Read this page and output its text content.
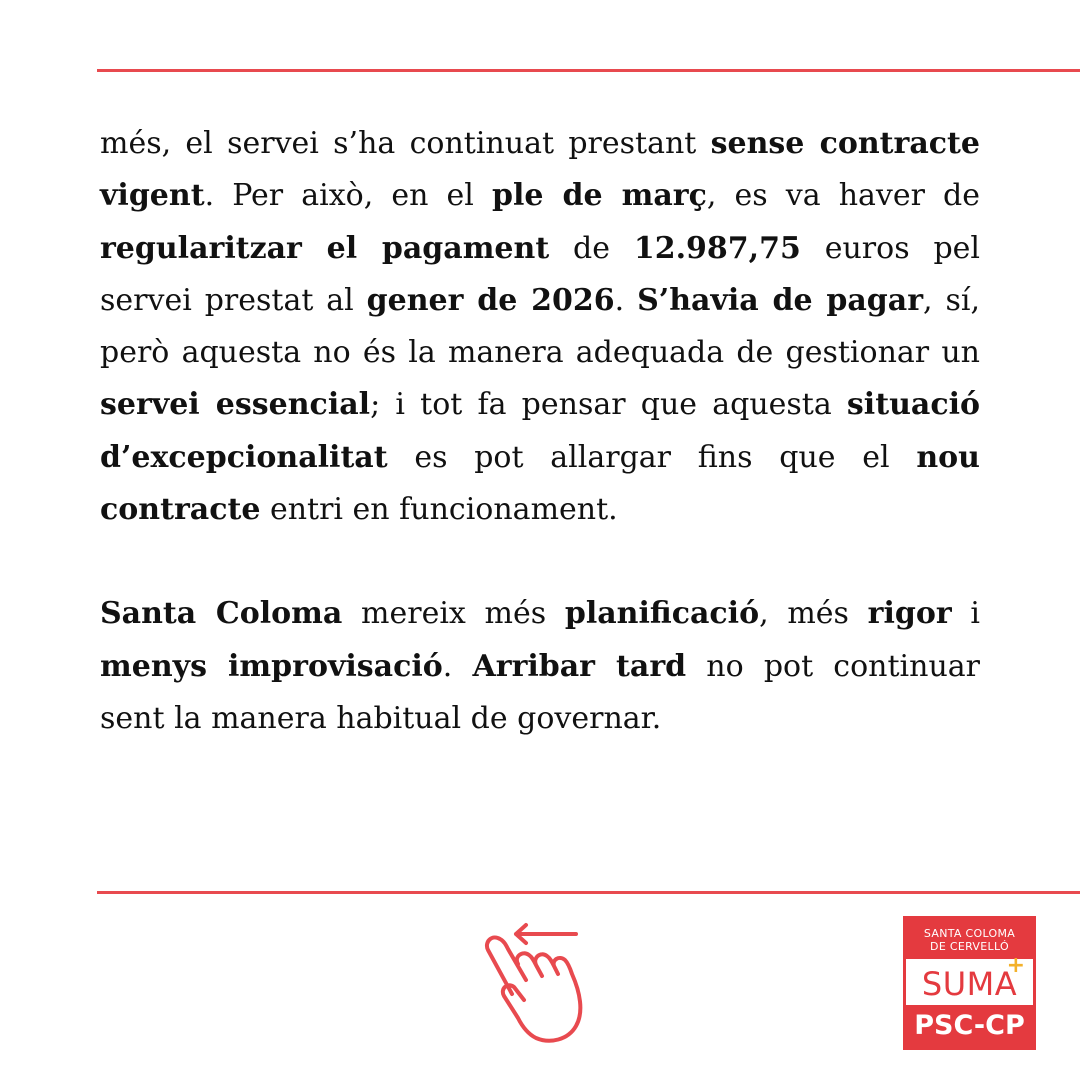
més, el servei s’ha continuat prestant sense contracte vigent. Per això, en el ple de març, es va haver de regularitzar el pagament de 12.987,75 euros pel servei prestat al gener de 2026. S’havia de pagar, sí, però aquesta no és la manera adequada de gestionar un servei essencial; i tot fa pensar que aquesta situació d’excepcionalitat es pot allargar fins que el nou contracte entri en funcionament.

Santa Coloma mereix més planificació, més rigor i menys improvisació. Arribar tard no pot continuar sent la manera habitual de governar.

SANTA COLOMA
DE CERVELLÓ
SUMA
+
PSC-CP
